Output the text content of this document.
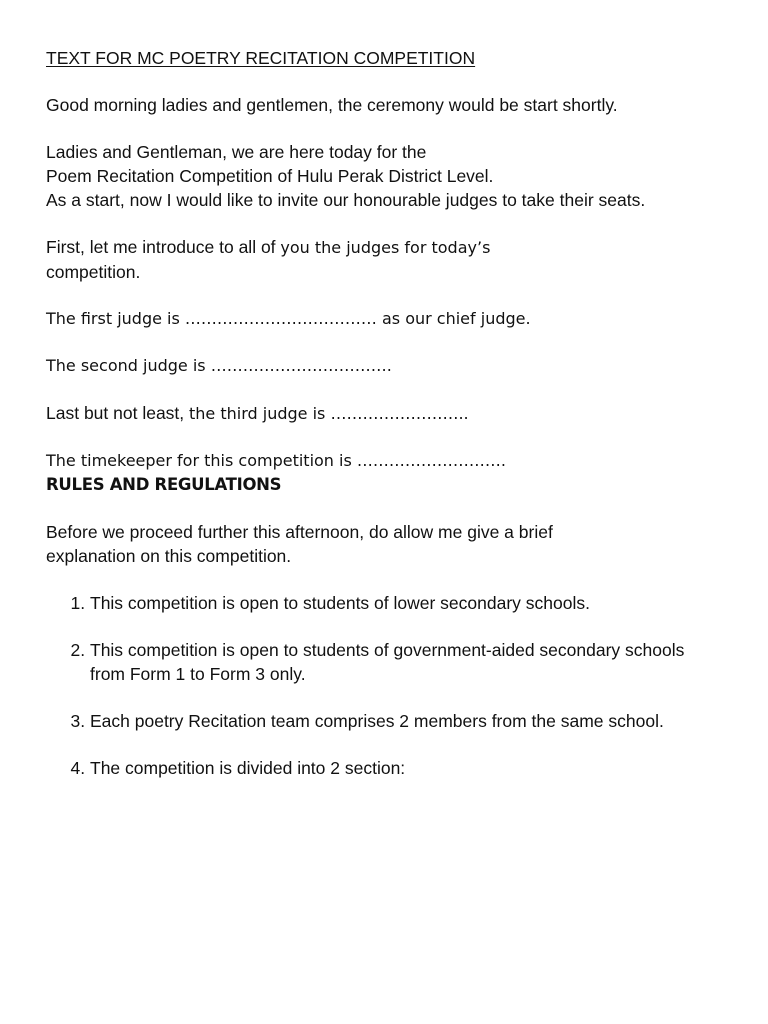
TEXT FOR MC POETRY RECITATION COMPETITION

Good morning ladies and gentlemen, the ceremony would be start shortly.

Ladies and Gentleman, we are here today for the

Poem Recitation Competition of Hulu Perak District Level.

As a start, now I would like to invite our honourable judges to take their seats.

First, let me introduce to all of you the judges for today’s

competition.

The first judge is ……………………………… as our chief judge.

The second judge is …………………………….

Last but not least, the third judge is ……………………..

The timekeeper for this competition is ……………………….

RULES AND REGULATIONS

Before we proceed further this afternoon, do allow me give a brief

explanation on this competition.

1. This competition is open to students of lower secondary schools.
2. This competition is open to students of government-aided secondary schools from Form 1 to Form 3 only.
3. Each poetry Recitation team comprises 2 members from the same school.
4. The competition is divided into 2 section:
